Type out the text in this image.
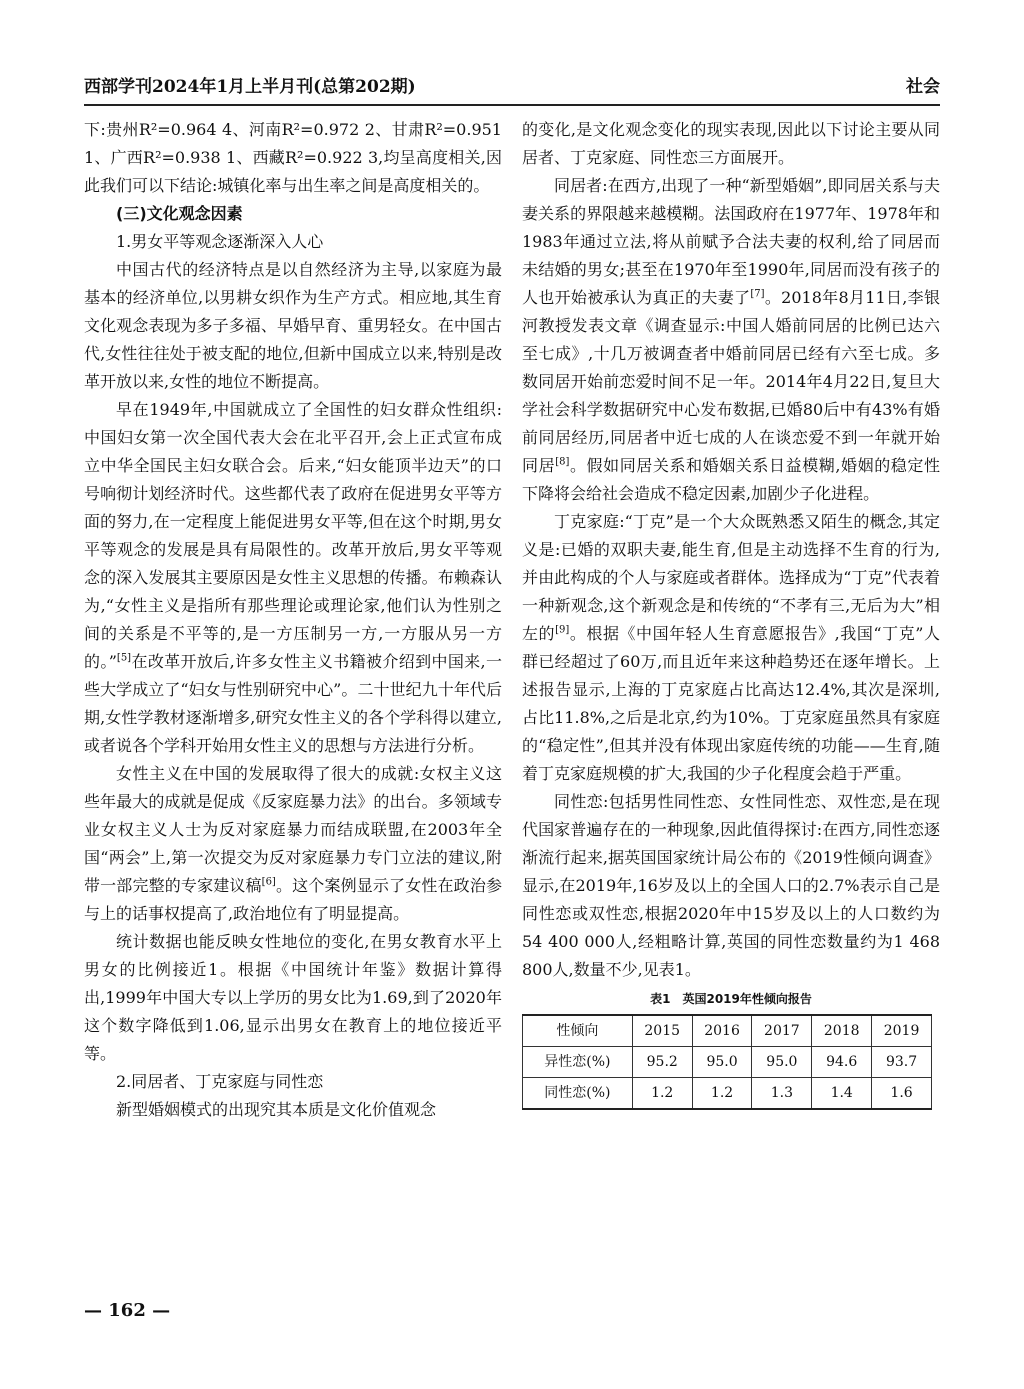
西部学刊2024年1月上半月刊(总第202期)	社会

下:贵州R²=0.964 4、河南R²=0.972 2、甘肃R²=0.951 1、广西R²=0.938 1、西藏R²=0.922 3,均呈高度相关,因此我们可以下结论:城镇化率与出生率之间是高度相关的。

(三)文化观念因素
1.男女平等观念逐渐深入人心

中国古代的经济特点是以自然经济为主导,以家庭为最基本的经济单位,以男耕女织作为生产方式。相应地,其生育文化观念表现为多子多福、早婚早育、重男轻女。在中国古代,女性往往处于被支配的地位,但新中国成立以来,特别是改革开放以来,女性的地位不断提高。

早在1949年,中国就成立了全国性的妇女群众性组织:中国妇女第一次全国代表大会在北平召开,会上正式宣布成立中华全国民主妇女联合会。后来,“妇女能顶半边天”的口号响彻计划经济时代。这些都代表了政府在促进男女平等方面的努力,在一定程度上能促进男女平等,但在这个时期,男女平等观念的发展是具有局限性的。改革开放后,男女平等观念的深入发展其主要原因是女性主义思想的传播。布赖森认为,“女性主义是指所有那些理论或理论家,他们认为性别之间的关系是不平等的,是一方压制另一方,一方服从另一方的。”[5]在改革开放后,许多女性主义书籍被介绍到中国来,一些大学成立了“妇女与性别研究中心”。二十世纪九十年代后期,女性学教材逐渐增多,研究女性主义的各个学科得以建立,或者说各个学科开始用女性主义的思想与方法进行分析。

女性主义在中国的发展取得了很大的成就:女权主义这些年最大的成就是促成《反家庭暴力法》的出台。多领域专业女权主义人士为反对家庭暴力而结成联盟,在2003年全国“两会”上,第一次提交为反对家庭暴力专门立法的建议,附带一部完整的专家建议稿[6]。这个案例显示了女性在政治参与上的话事权提高了,政治地位有了明显提高。

统计数据也能反映女性地位的变化,在男女教育水平上男女的比例接近1。根据《中国统计年鉴》数据计算得出,1999年中国大专以上学历的男女比为1.69,到了2020年这个数字降低到1.06,显示出男女在教育上的地位接近平等。

2.同居者、丁克家庭与同性恋

新型婚姻模式的出现究其本质是文化价值观念

的变化,是文化观念变化的现实表现,因此以下讨论主要从同居者、丁克家庭、同性恋三方面展开。

同居者:在西方,出现了一种“新型婚姻”,即同居关系与夫妻关系的界限越来越模糊。法国政府在1977年、1978年和1983年通过立法,将从前赋予合法夫妻的权利,给了同居而未结婚的男女;甚至在1970年至1990年,同居而没有孩子的人也开始被承认为真正的夫妻了[7]。2018年8月11日,李银河教授发表文章《调查显示:中国人婚前同居的比例已达六至七成》,十几万被调查者中婚前同居已经有六至七成。多数同居开始前恋爱时间不足一年。2014年4月22日,复旦大学社会科学数据研究中心发布数据,已婚80后中有43%有婚前同居经历,同居者中近七成的人在谈恋爱不到一年就开始同居[8]。假如同居关系和婚姻关系日益模糊,婚姻的稳定性下降将会给社会造成不稳定因素,加剧少子化进程。

丁克家庭:“丁克”是一个大众既熟悉又陌生的概念,其定义是:已婚的双职夫妻,能生育,但是主动选择不生育的行为,并由此构成的个人与家庭或者群体。选择成为“丁克”代表着一种新观念,这个新观念是和传统的“不孝有三,无后为大”相左的[9]。根据《中国年轻人生育意愿报告》,我国“丁克”人群已经超过了60万,而且近年来这种趋势还在逐年增长。上述报告显示,上海的丁克家庭占比高达12.4%,其次是深圳,占比11.8%,之后是北京,约为10%。丁克家庭虽然具有家庭的“稳定性”,但其并没有体现出家庭传统的功能——生育,随着丁克家庭规模的扩大,我国的少子化程度会趋于严重。

同性恋:包括男性同性恋、女性同性恋、双性恋,是在现代国家普遍存在的一种现象,因此值得探讨:在西方,同性恋逐渐流行起来,据英国国家统计局公布的《2019性倾向调查》显示,在2019年,16岁及以上的全国人口的2.7%表示自己是同性恋或双性恋,根据2020年中15岁及以上的人口数约为54 400 000人,经粗略计算,英国的同性恋数量约为1 468 800人,数量不少,见表1。

表1　英国2019年性倾向报告
性倾向	2015	2016	2017	2018	2019
异性恋(%)	95.2	95.0	95.0	94.6	93.7
同性恋(%)	1.2	1.2	1.3	1.4	1.6
— 162 —
